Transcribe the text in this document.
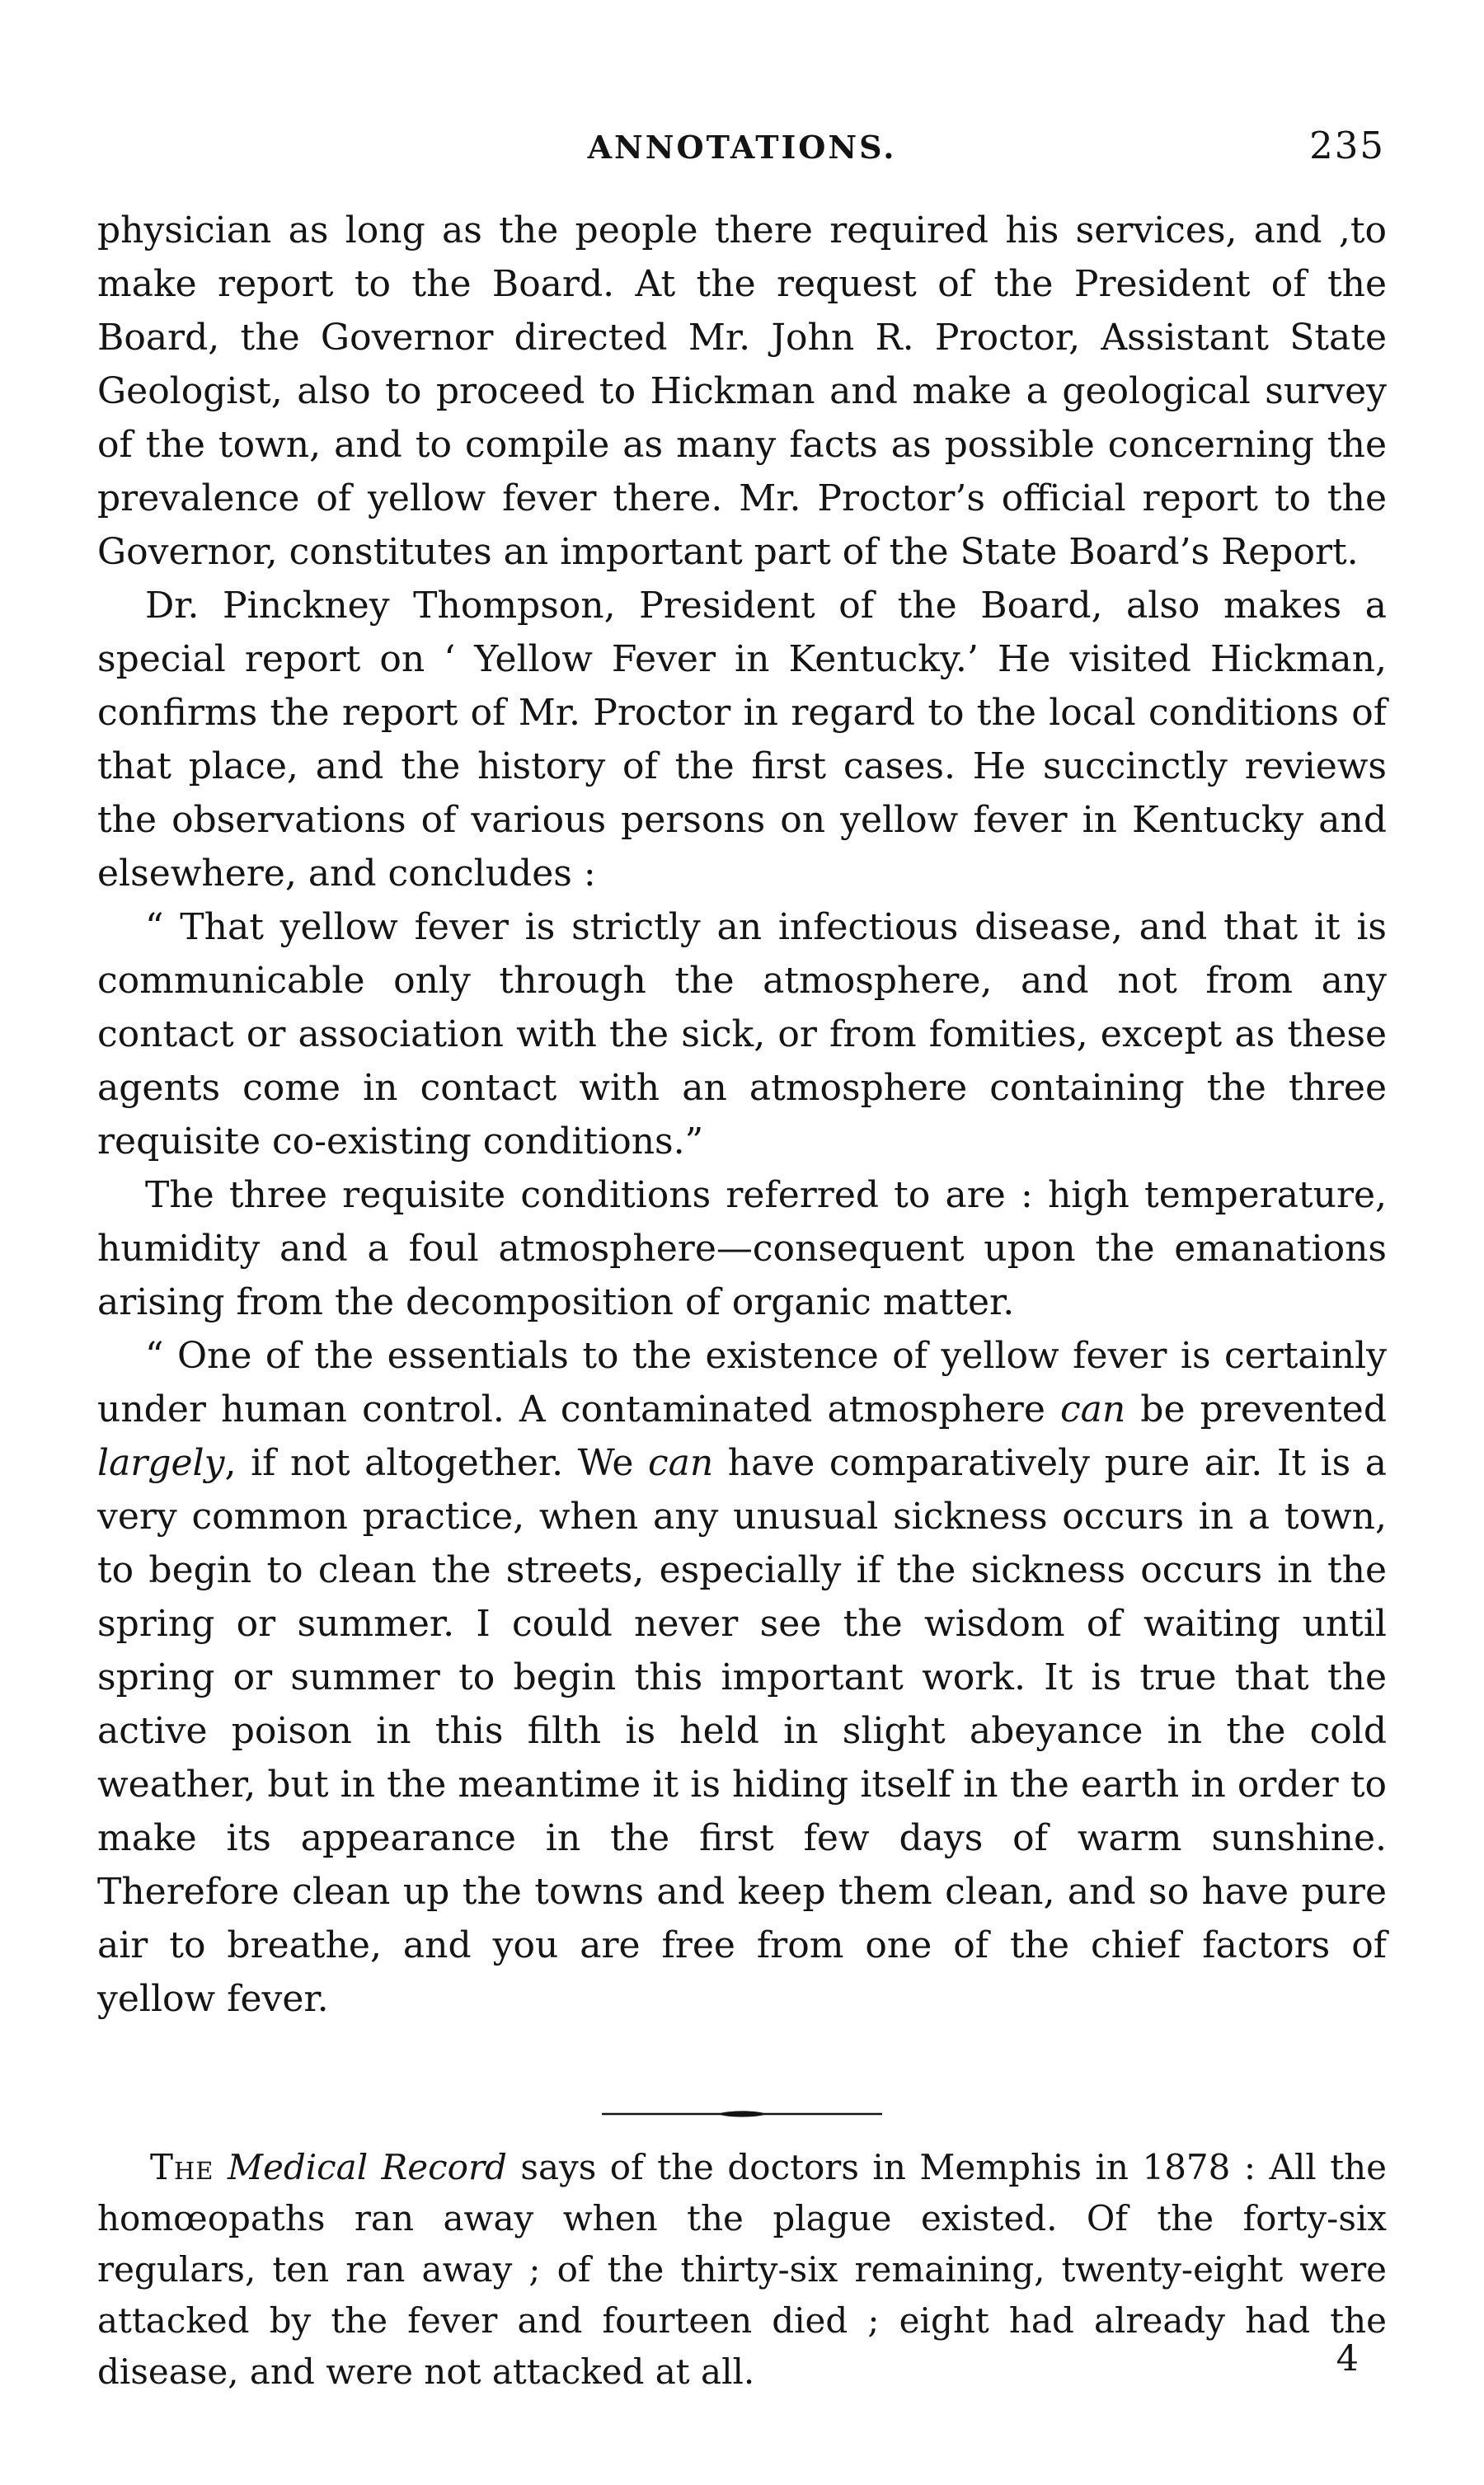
ANNOTATIONS.	235

physician as long as the people there required his services, and ,to make report to the Board. At the request of the President of the Board, the Governor directed Mr. John R. Proctor, Assistant State Geologist, also to proceed to Hickman and make a geological survey of the town, and to compile as many facts as possible concerning the prevalence of yellow fever there. Mr. Proctor’s official report to the Governor, constitutes an important part of the State Board’s Report.

Dr. Pinckney Thompson, President of the Board, also makes a special report on ‘ Yellow Fever in Kentucky.’ He visited Hickman, confirms the report of Mr. Proctor in regard to the local conditions of that place, and the history of the first cases. He succinctly reviews the observations of various persons on yellow fever in Kentucky and elsewhere, and concludes :

“ That yellow fever is strictly an infectious disease, and that it is communicable only through the atmosphere, and not from any contact or association with the sick, or from fomities, except as these agents come in contact with an atmosphere containing the three requisite co-existing conditions.”

The three requisite conditions referred to are : high temperature, humidity and a foul atmosphere—consequent upon the emanations arising from the decomposition of organic matter.

“ One of the essentials to the existence of yellow fever is certainly under human control. A contaminated atmosphere can be prevented largely, if not altogether. We can have comparatively pure air. It is a very common practice, when any unusual sickness occurs in a town, to begin to clean the streets, especially if the sickness occurs in the spring or summer. I could never see the wisdom of waiting until spring or summer to begin this important work. It is true that the active poison in this filth is held in slight abeyance in the cold weather, but in the meantime it is hiding itself in the earth in order to make its appearance in the first few days of warm sunshine. Therefore clean up the towns and keep them clean, and so have pure air to breathe, and you are free from one of the chief factors of yellow fever.

The Medical Record says of the doctors in Memphis in 1878 : All the homœopaths ran away when the plague existed. Of the forty-six regulars, ten ran away ; of the thirty-six remaining, twenty-eight were attacked by the fever and fourteen died ; eight had already had the disease, and were not attacked at all.	4
